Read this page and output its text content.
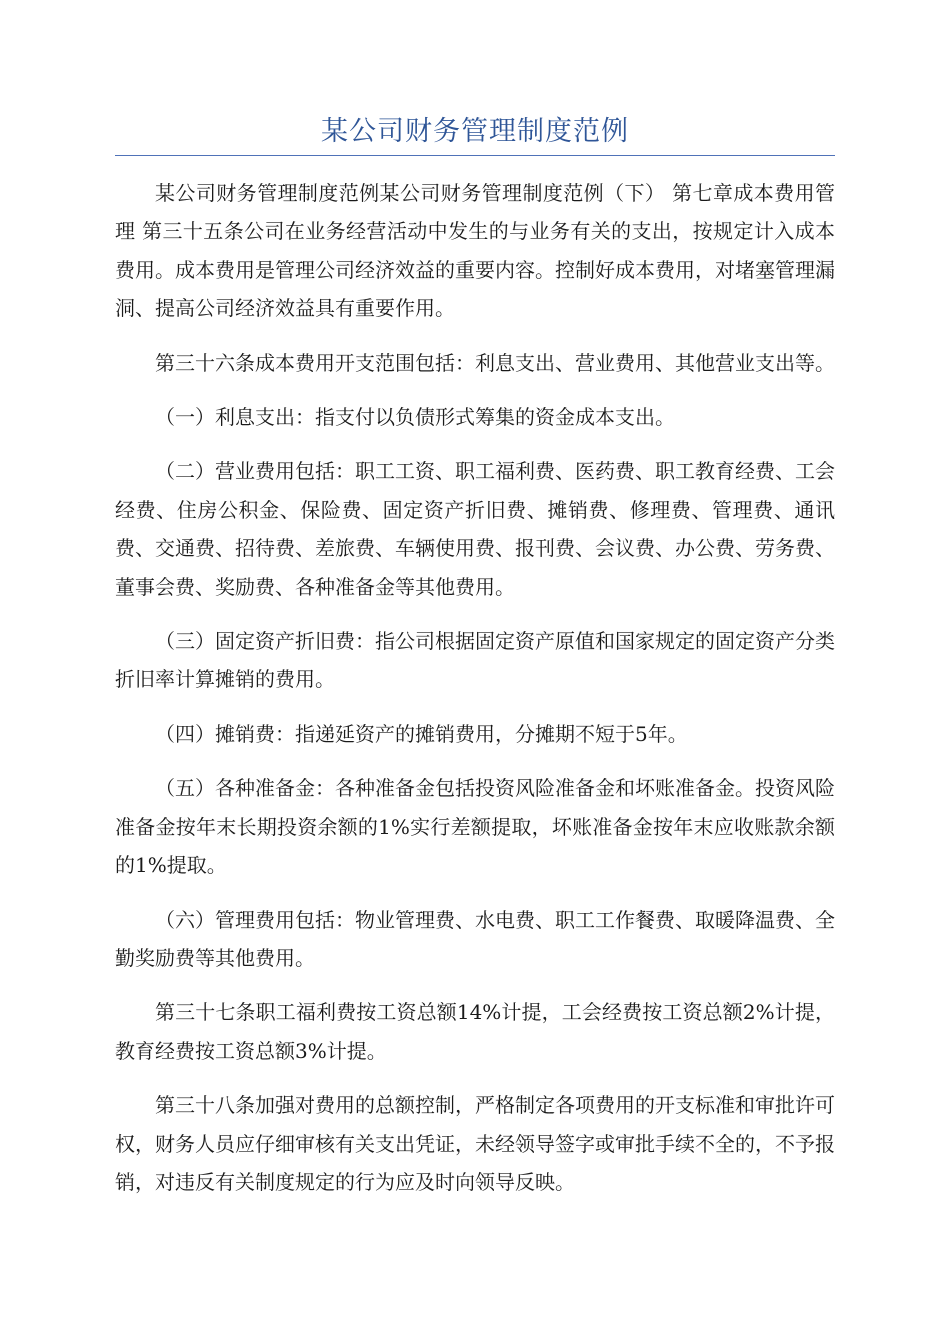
某公司财务管理制度范例

某公司财务管理制度范例某公司财务管理制度范例（下） 第七章成本费用管理 第三十五条公司在业务经营活动中发生的与业务有关的支出，按规定计入成本费用。成本费用是管理公司经济效益的重要内容。控制好成本费用，对堵塞管理漏洞、提高公司经济效益具有重要作用。

第三十六条成本费用开支范围包括：利息支出、营业费用、其他营业支出等。

（一）利息支出：指支付以负债形式筹集的资金成本支出。

（二）营业费用包括：职工工资、职工福利费、医药费、职工教育经费、工会经费、住房公积金、保险费、固定资产折旧费、摊销费、修理费、管理费、通讯费、交通费、招待费、差旅费、车辆使用费、报刊费、会议费、办公费、劳务费、董事会费、奖励费、各种准备金等其他费用。

（三）固定资产折旧费：指公司根据固定资产原值和国家规定的固定资产分类折旧率计算摊销的费用。

（四）摊销费：指递延资产的摊销费用，分摊期不短于5年。

（五）各种准备金：各种准备金包括投资风险准备金和坏账准备金。投资风险准备金按年末长期投资余额的1%实行差额提取，坏账准备金按年末应收账款余额的1%提取。

（六）管理费用包括：物业管理费、水电费、职工工作餐费、取暖降温费、全勤奖励费等其他费用。

第三十七条职工福利费按工资总额14%计提，工会经费按工资总额2%计提，教育经费按工资总额3%计提。

第三十八条加强对费用的总额控制，严格制定各项费用的开支标准和审批许可权，财务人员应仔细审核有关支出凭证，未经领导签字或审批手续不全的，不予报销，对违反有关制度规定的行为应及时向领导反映。
